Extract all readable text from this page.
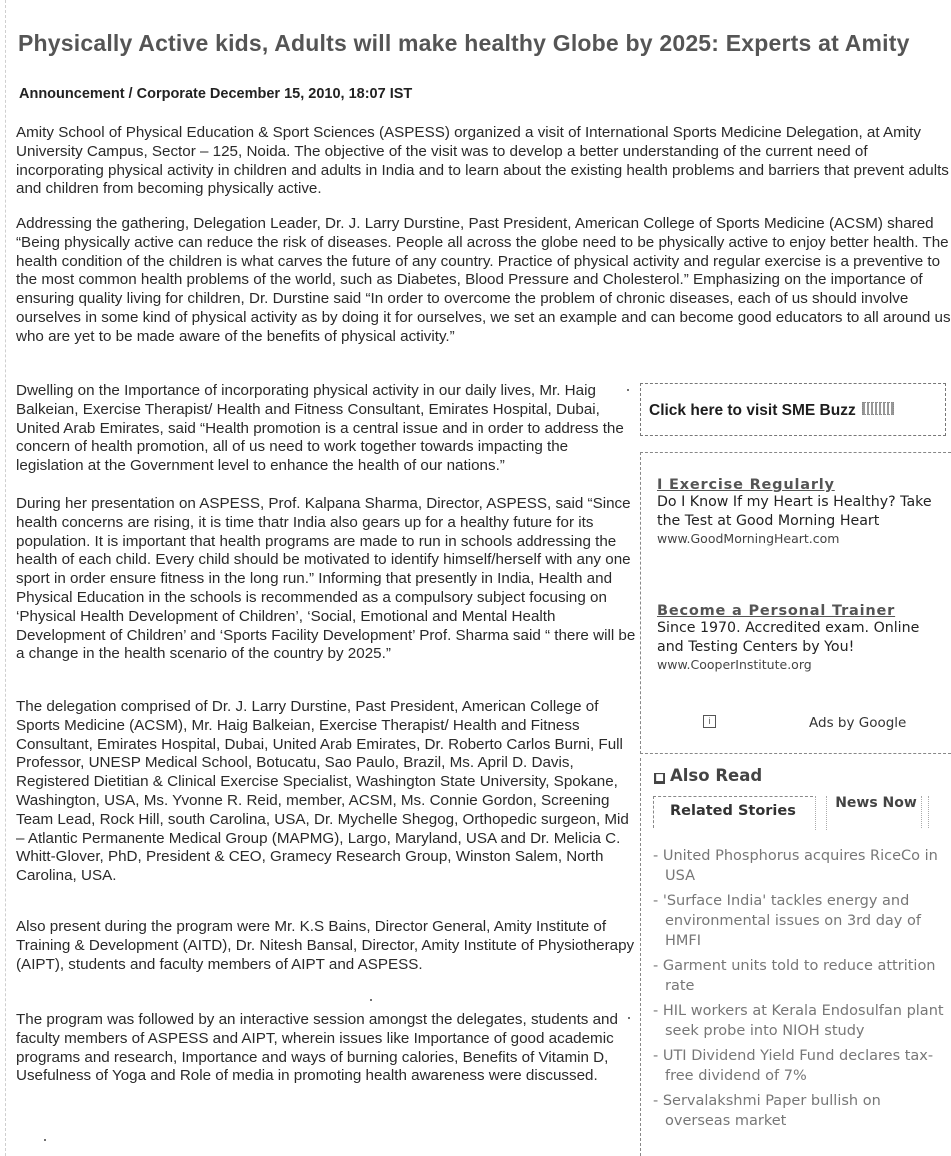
Physically Active kids, Adults will make healthy Globe by 2025: Experts at Amity

Announcement / Corporate December 15, 2010, 18:07 IST

Amity School of Physical Education & Sport Sciences (ASPESS) organized a visit of International Sports Medicine Delegation, at Amity University Campus, Sector – 125, Noida. The objective of the visit was to develop a better understanding of the current need of incorporating physical activity in children and adults in India and to learn about the existing health problems and barriers that prevent adults and children from becoming physically active.

Addressing the gathering, Delegation Leader, Dr. J. Larry Durstine, Past President, American College of Sports Medicine (ACSM) shared “Being physically active can reduce the risk of diseases. People all across the globe need to be physically active to enjoy better health. The health condition of the children is what carves the future of any country. Practice of physical activity and regular exercise is a preventive to the most common health problems of the world, such as Diabetes, Blood Pressure and Cholesterol.” Emphasizing on the importance of ensuring quality living for children, Dr. Durstine said “In order to overcome the problem of chronic diseases, each of us should involve ourselves in some kind of physical activity as by doing it for ourselves, we set an example and can become good educators to all around us who are yet to be made aware of the benefits of physical activity.”

Dwelling on the Importance of incorporating physical activity in our daily lives, Mr. Haig Balkeian, Exercise Therapist/ Health and Fitness Consultant, Emirates Hospital, Dubai, United Arab Emirates, said “Health promotion is a central issue and in order to address the concern of health promotion, all of us need to work together towards impacting the legislation at the Government level to enhance the health of our nations.”

During her presentation on ASPESS, Prof. Kalpana Sharma, Director, ASPESS, said “Since health concerns are rising, it is time thatr India also gears up for a healthy future for its population. It is important that health programs are made to run in schools addressing the health of each child. Every child should be motivated to identify himself/herself with any one sport in order ensure fitness in the long run.” Informing that presently in India, Health and Physical Education in the schools is recommended as a compulsory subject focusing on ‘Physical Health Development of Children’, ‘Social, Emotional and Mental Health Development of Children’ and ‘Sports Facility Development’ Prof. Sharma said “ there will be a change in the health scenario of the country by 2025.”

The delegation comprised of Dr. J. Larry Durstine, Past President, American College of Sports Medicine (ACSM), Mr. Haig Balkeian, Exercise Therapist/ Health and Fitness Consultant, Emirates Hospital, Dubai, United Arab Emirates, Dr. Roberto Carlos Burni, Full Professor, UNESP Medical School, Botucatu, Sao Paulo, Brazil, Ms. April D. Davis, Registered Dietitian & Clinical Exercise Specialist, Washington State University, Spokane, Washington, USA, Ms. Yvonne R. Reid, member, ACSM, Ms. Connie Gordon, Screening Team Lead, Rock Hill, south Carolina, USA, Dr. Mychelle Shegog, Orthopedic surgeon, Mid – Atlantic Permanente Medical Group (MAPMG), Largo, Maryland, USA and Dr. Melicia C. Whitt-Glover, PhD, President & CEO, Gramecy Research Group, Winston Salem, North Carolina, USA.

Also present during the program were Mr. K.S Bains, Director General, Amity Institute of Training & Development (AITD), Dr. Nitesh Bansal, Director, Amity Institute of Physiotherapy (AIPT), students and faculty members of AIPT and ASPESS.

The program was followed by an interactive session amongst the delegates, students and faculty members of ASPESS and AIPT, wherein issues like Importance of good academic programs and research, Importance and ways of burning calories, Benefits of Vitamin D, Usefulness of Yoga and Role of media in promoting health awareness were discussed.

Click here to visit SME Buzz
I Exercise Regularly
Do I Know If my Heart is Healthy? Take the Test at Good Morning Heart
www.GoodMorningHeart.com
Become a Personal Trainer
Since 1970. Accredited exam. Online and Testing Centers by You!
www.CooperInstitute.org
i	Ads by Google
■ Also Read
Related Stories	News Now
- United Phosphorus acquires RiceCo in USA
- 'Surface India' tackles energy and environmental issues on 3rd day of HMFI
- Garment units told to reduce attrition rate
- HIL workers at Kerala Endosulfan plant seek probe into NIOH study
- UTI Dividend Yield Fund declares tax-free dividend of 7%
- Servalakshmi Paper bullish on overseas market
